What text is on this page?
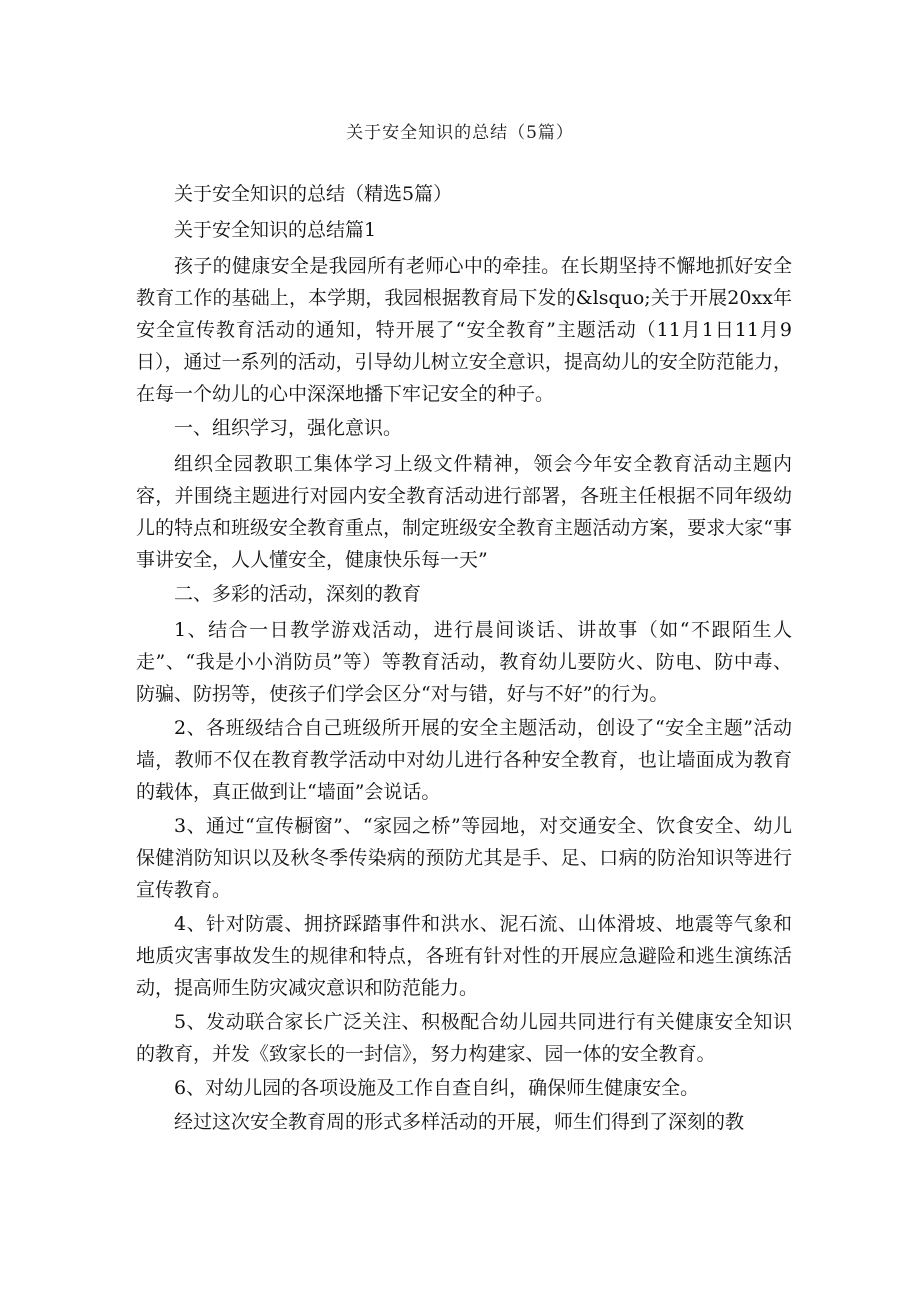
关于安全知识的总结（5篇）

关于安全知识的总结（精选5篇）

关于安全知识的总结篇1

孩子的健康安全是我园所有老师心中的牵挂。在长期坚持不懈地抓好安全教育工作的基础上，本学期，我园根据教育局下发的&lsquo;关于开展20xx年安全宣传教育活动的通知，特开展了“安全教育”主题活动（11月1日11月9日），通过一系列的活动，引导幼儿树立安全意识，提高幼儿的安全防范能力，在每一个幼儿的心中深深地播下牢记安全的种子。

一、组织学习，强化意识。

组织全园教职工集体学习上级文件精神，领会今年安全教育活动主题内容，并围绕主题进行对园内安全教育活动进行部署，各班主任根据不同年级幼儿的特点和班级安全教育重点，制定班级安全教育主题活动方案，要求大家“事事讲安全，人人懂安全，健康快乐每一天”

二、多彩的活动，深刻的教育

1、结合一日教学游戏活动，进行晨间谈话、讲故事（如“不跟陌生人走”、“我是小小消防员”等）等教育活动，教育幼儿要防火、防电、防中毒、防骗、防拐等，使孩子们学会区分“对与错，好与不好”的行为。

2、各班级结合自己班级所开展的安全主题活动，创设了“安全主题”活动墙，教师不仅在教育教学活动中对幼儿进行各种安全教育，也让墙面成为教育的载体，真正做到让“墙面”会说话。

3、通过“宣传橱窗”、“家园之桥”等园地，对交通安全、饮食安全、幼儿保健消防知识以及秋冬季传染病的预防尤其是手、足、口病的防治知识等进行宣传教育。

4、针对防震、拥挤踩踏事件和洪水、泥石流、山体滑坡、地震等气象和地质灾害事故发生的规律和特点，各班有针对性的开展应急避险和逃生演练活动，提高师生防灾减灾意识和防范能力。

5、发动联合家长广泛关注、积极配合幼儿园共同进行有关健康安全知识的教育，并发《致家长的一封信》，努力构建家、园一体的安全教育。

6、对幼儿园的各项设施及工作自查自纠，确保师生健康安全。

经过这次安全教育周的形式多样活动的开展，师生们得到了深刻的教
